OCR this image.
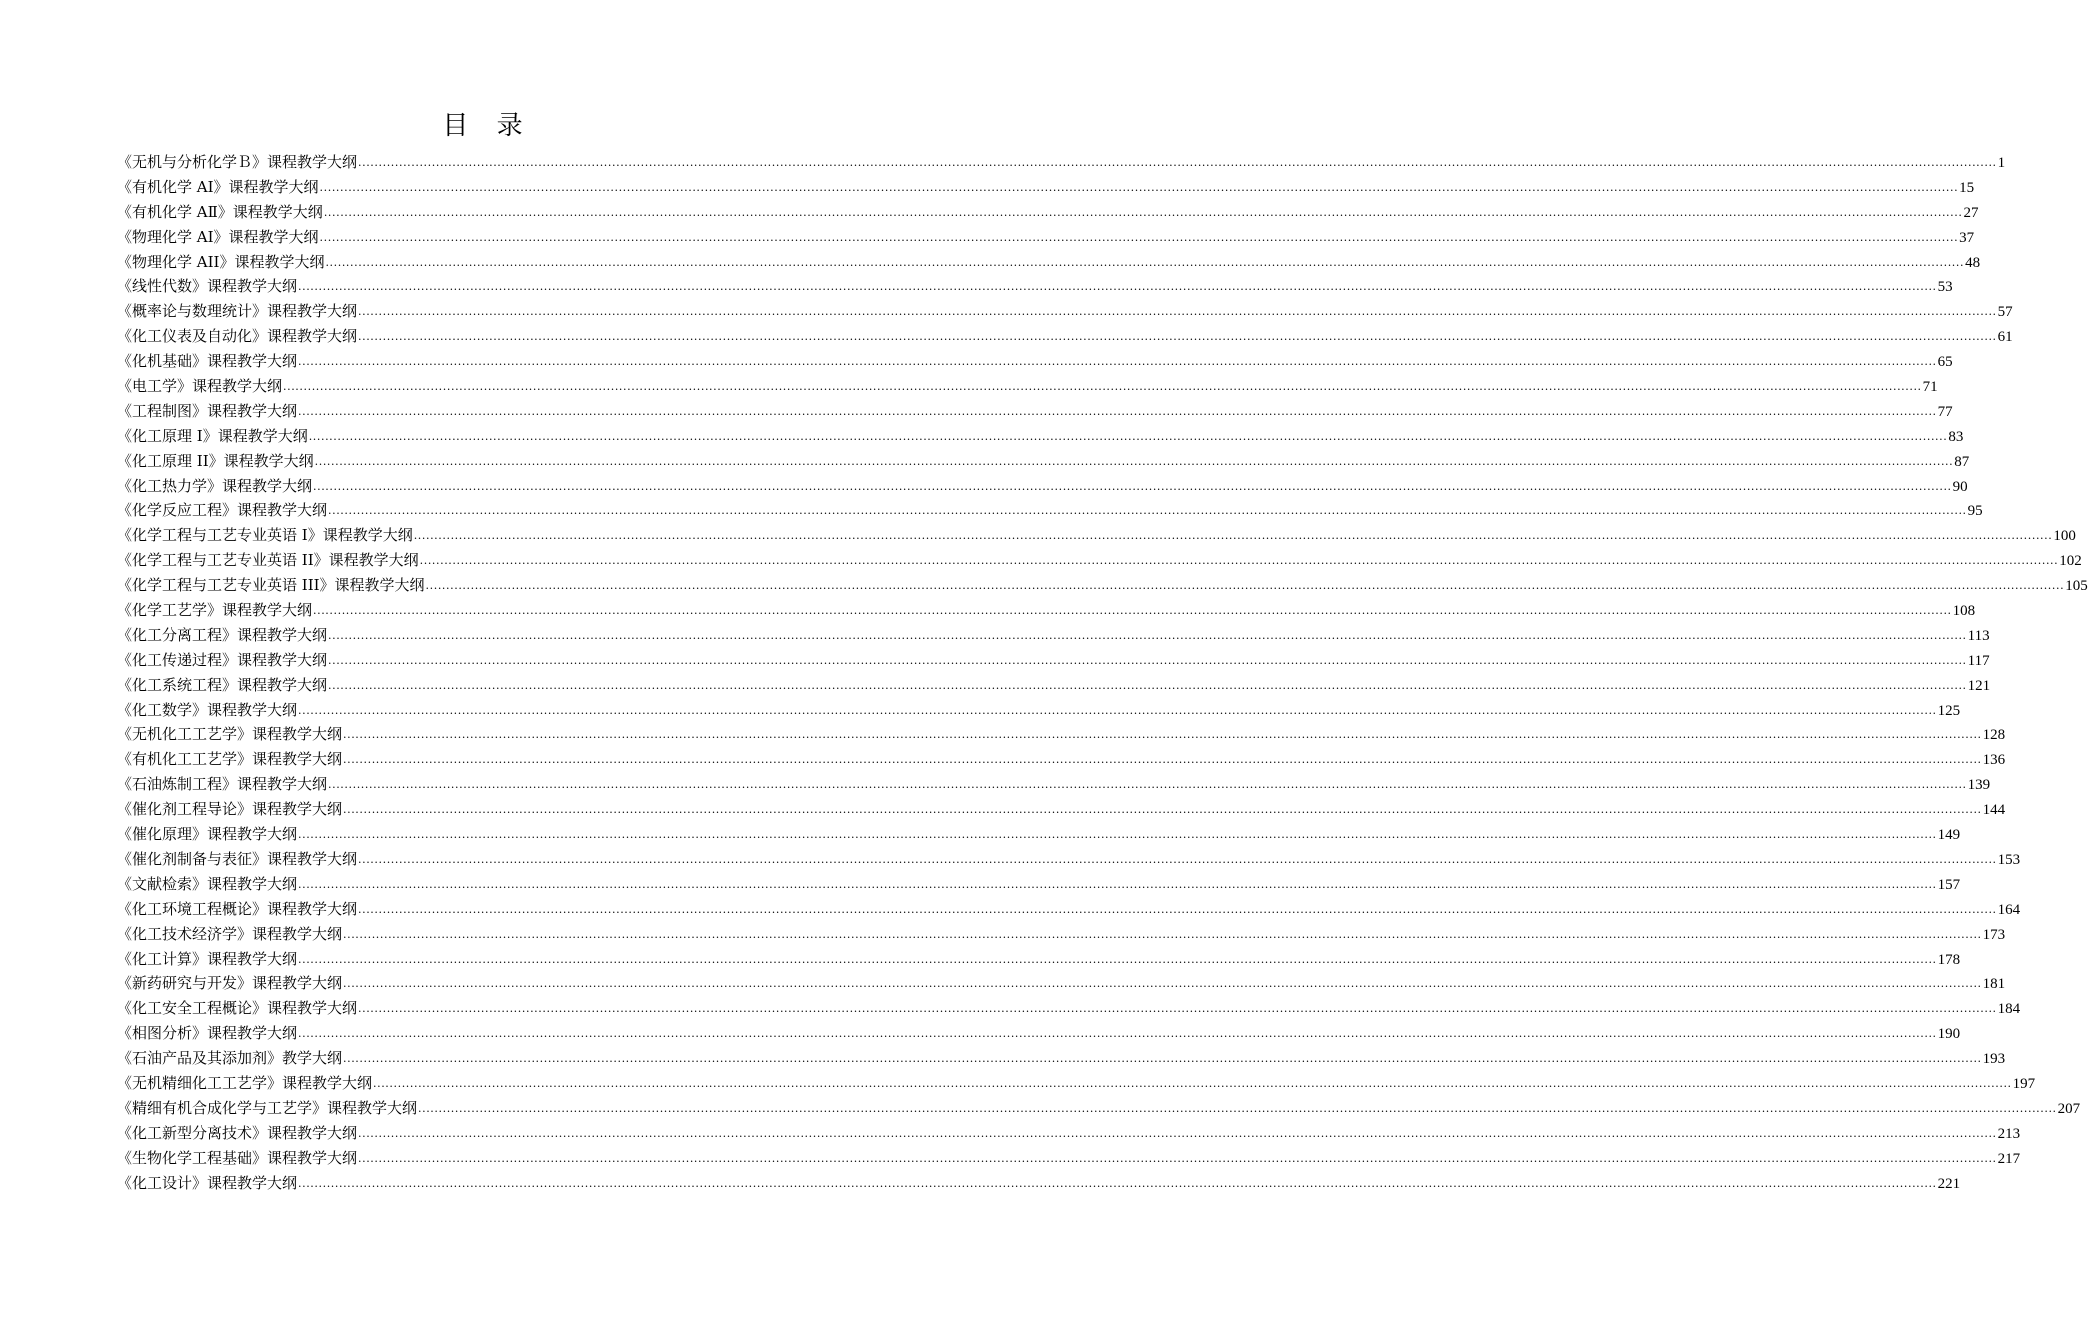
目 录
《无机与分析化学Ｂ》课程教学大纲 ................................................................................................................................................................................................................................................................................................................................................................................................................ 1
《有机化学 AI》课程教学大纲 ................................................................................................................................................................................................................................................................................................................................................................................................................ 15
《有机化学 AⅡ》课程教学大纲 ................................................................................................................................................................................................................................................................................................................................................................................................................ 27
《物理化学 AI》课程教学大纲 ................................................................................................................................................................................................................................................................................................................................................................................................................ 37
《物理化学 AII》课程教学大纲 ................................................................................................................................................................................................................................................................................................................................................................................................................ 48
《线性代数》课程教学大纲 ................................................................................................................................................................................................................................................................................................................................................................................................................ 53
《概率论与数理统计》课程教学大纲 ................................................................................................................................................................................................................................................................................................................................................................................................................ 57
《化工仪表及自动化》课程教学大纲 ................................................................................................................................................................................................................................................................................................................................................................................................................ 61
《化机基础》课程教学大纲 ................................................................................................................................................................................................................................................................................................................................................................................................................ 65
《电工学》课程教学大纲 ................................................................................................................................................................................................................................................................................................................................................................................................................ 71
《工程制图》课程教学大纲 ................................................................................................................................................................................................................................................................................................................................................................................................................ 77
《化工原理 I》课程教学大纲 ................................................................................................................................................................................................................................................................................................................................................................................................................ 83
《化工原理 II》课程教学大纲 ................................................................................................................................................................................................................................................................................................................................................................................................................ 87
《化工热力学》课程教学大纲 ................................................................................................................................................................................................................................................................................................................................................................................................................ 90
《化学反应工程》课程教学大纲 ................................................................................................................................................................................................................................................................................................................................................................................................................ 95
《化学工程与工艺专业英语 I》课程教学大纲 ................................................................................................................................................................................................................................................................................................................................................................................................................ 100
《化学工程与工艺专业英语 II》课程教学大纲 ................................................................................................................................................................................................................................................................................................................................................................................................................ 102
《化学工程与工艺专业英语 III》课程教学大纲 ................................................................................................................................................................................................................................................................................................................................................................................................................ 105
《化学工艺学》课程教学大纲 ................................................................................................................................................................................................................................................................................................................................................................................................................ 108
《化工分离工程》课程教学大纲 ................................................................................................................................................................................................................................................................................................................................................................................................................ 113
《化工传递过程》课程教学大纲 ................................................................................................................................................................................................................................................................................................................................................................................................................ 117
《化工系统工程》课程教学大纲 ................................................................................................................................................................................................................................................................................................................................................................................................................ 121
《化工数学》课程教学大纲 ................................................................................................................................................................................................................................................................................................................................................................................................................ 125
《无机化工工艺学》课程教学大纲 ................................................................................................................................................................................................................................................................................................................................................................................................................ 128
《有机化工工艺学》课程教学大纲 ................................................................................................................................................................................................................................................................................................................................................................................................................ 136
《石油炼制工程》课程教学大纲 ................................................................................................................................................................................................................................................................................................................................................................................................................ 139
《催化剂工程导论》课程教学大纲 ................................................................................................................................................................................................................................................................................................................................................................................................................ 144
《催化原理》课程教学大纲 ................................................................................................................................................................................................................................................................................................................................................................................................................ 149
《催化剂制备与表征》课程教学大纲 ................................................................................................................................................................................................................................................................................................................................................................................................................ 153
《文献检索》课程教学大纲 ................................................................................................................................................................................................................................................................................................................................................................................................................ 157
《化工环境工程概论》课程教学大纲 ................................................................................................................................................................................................................................................................................................................................................................................................................ 164
《化工技术经济学》课程教学大纲 ................................................................................................................................................................................................................................................................................................................................................................................................................ 173
《化工计算》课程教学大纲 ................................................................................................................................................................................................................................................................................................................................................................................................................ 178
《新药研究与开发》课程教学大纲 ................................................................................................................................................................................................................................................................................................................................................................................................................ 181
《化工安全工程概论》课程教学大纲 ................................................................................................................................................................................................................................................................................................................................................................................................................ 184
《相图分析》课程教学大纲 ................................................................................................................................................................................................................................................................................................................................................................................................................ 190
《石油产品及其添加剂》教学大纲 ................................................................................................................................................................................................................................................................................................................................................................................................................ 193
《无机精细化工工艺学》课程教学大纲 ................................................................................................................................................................................................................................................................................................................................................................................................................ 197
《精细有机合成化学与工艺学》课程教学大纲 ................................................................................................................................................................................................................................................................................................................................................................................................................ 207
《化工新型分离技术》课程教学大纲 ................................................................................................................................................................................................................................................................................................................................................................................................................ 213
《生物化学工程基础》课程教学大纲 ................................................................................................................................................................................................................................................................................................................................................................................................................ 217
《化工设计》课程教学大纲 ................................................................................................................................................................................................................................................................................................................................................................................................................ 221
